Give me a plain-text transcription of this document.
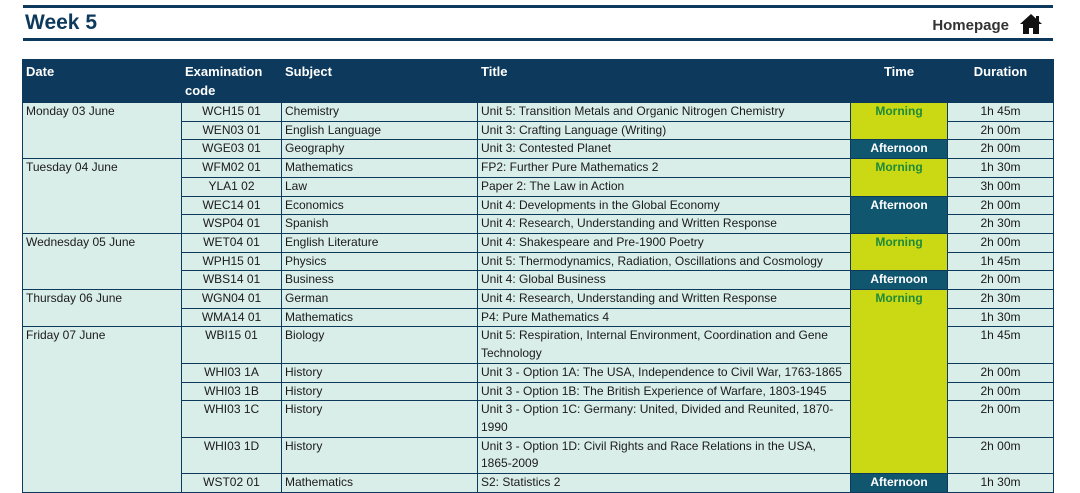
Week 5	Homepage
Date	Examination code	Subject	Title	Time	Duration
Monday 03 June	WCH15 01	Chemistry	Unit 5: Transition Metals and Organic Nitrogen Chemistry	Morning	1h 45m
	WEN03 01	English Language	Unit 3: Crafting Language (Writing)		2h 00m
	WGE03 01	Geography	Unit 3: Contested Planet	Afternoon	2h 00m
Tuesday 04 June	WFM02 01	Mathematics	FP2: Further Pure Mathematics 2	Morning	1h 30m
	YLA1 02	Law	Paper 2: The Law in Action		3h 00m
	WEC14 01	Economics	Unit 4: Developments in the Global Economy	Afternoon	2h 00m
	WSP04 01	Spanish	Unit 4: Research, Understanding and Written Response		2h 30m
Wednesday 05 June	WET04 01	English Literature	Unit 4: Shakespeare and Pre-1900 Poetry	Morning	2h 00m
	WPH15 01	Physics	Unit 5: Thermodynamics, Radiation, Oscillations and Cosmology		1h 45m
	WBS14 01	Business	Unit 4: Global Business	Afternoon	2h 00m
Thursday 06 June	WGN04 01	German	Unit 4: Research, Understanding and Written Response	Morning	2h 30m
	WMA14 01	Mathematics	P4: Pure Mathematics 4		1h 30m
Friday 07 June	WBI15 01	Biology	Unit 5: Respiration, Internal Environment, Coordination and Gene Technology		1h 45m
	WHI03 1A	History	Unit 3 - Option 1A: The USA, Independence to Civil War, 1763-1865		2h 00m
	WHI03 1B	History	Unit 3 - Option 1B: The British Experience of Warfare, 1803-1945		2h 00m
	WHI03 1C	History	Unit 3 - Option 1C: Germany: United, Divided and Reunited, 1870-1990		2h 00m
	WHI03 1D	History	Unit 3 - Option 1D: Civil Rights and Race Relations in the USA, 1865-2009		2h 00m
	WST02 01	Mathematics	S2: Statistics 2	Afternoon	1h 30m
